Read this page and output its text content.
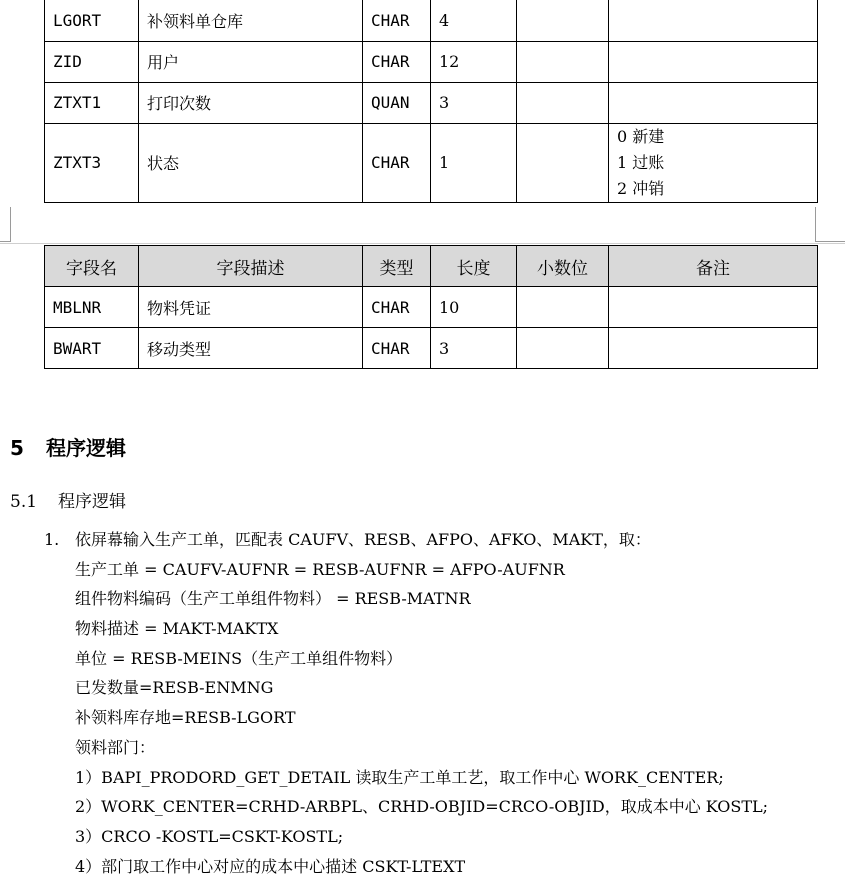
LGORT	补领料单仓库	CHAR	4		
ZID	用户	CHAR	12		
ZTXT1	打印次数	QUAN	3		
ZTXT3	状态	CHAR	1		0 新建
1 过账
2 冲销
字段名	字段描述	类型	长度	小数位	备注
MBLNR	物料凭证	CHAR	10		
BWART	移动类型	CHAR	3		
5 程序逻辑
5.1 程序逻辑
1. 依屏幕输入生产工单，匹配表 CAUFV、RESB、AFPO、AFKO、MAKT，取：
生产工单 = CAUFV-AUFNR = RESB-AUFNR = AFPO-AUFNR
组件物料编码（生产工单组件物料） = RESB-MATNR
物料描述 = MAKT-MAKTX
单位 = RESB-MEINS（生产工单组件物料）
已发数量=RESB-ENMNG
补领料库存地=RESB-LGORT
领料部门：
1）BAPI_PRODORD_GET_DETAIL 读取生产工单工艺，取工作中心 WORK_CENTER;
2）WORK_CENTER=CRHD-ARBPL、CRHD-OBJID=CRCO-OBJID，取成本中心 KOSTL;
3）CRCO -KOSTL=CSKT-KOSTL;
4）部门取工作中心对应的成本中心描述 CSKT-LTEXT
